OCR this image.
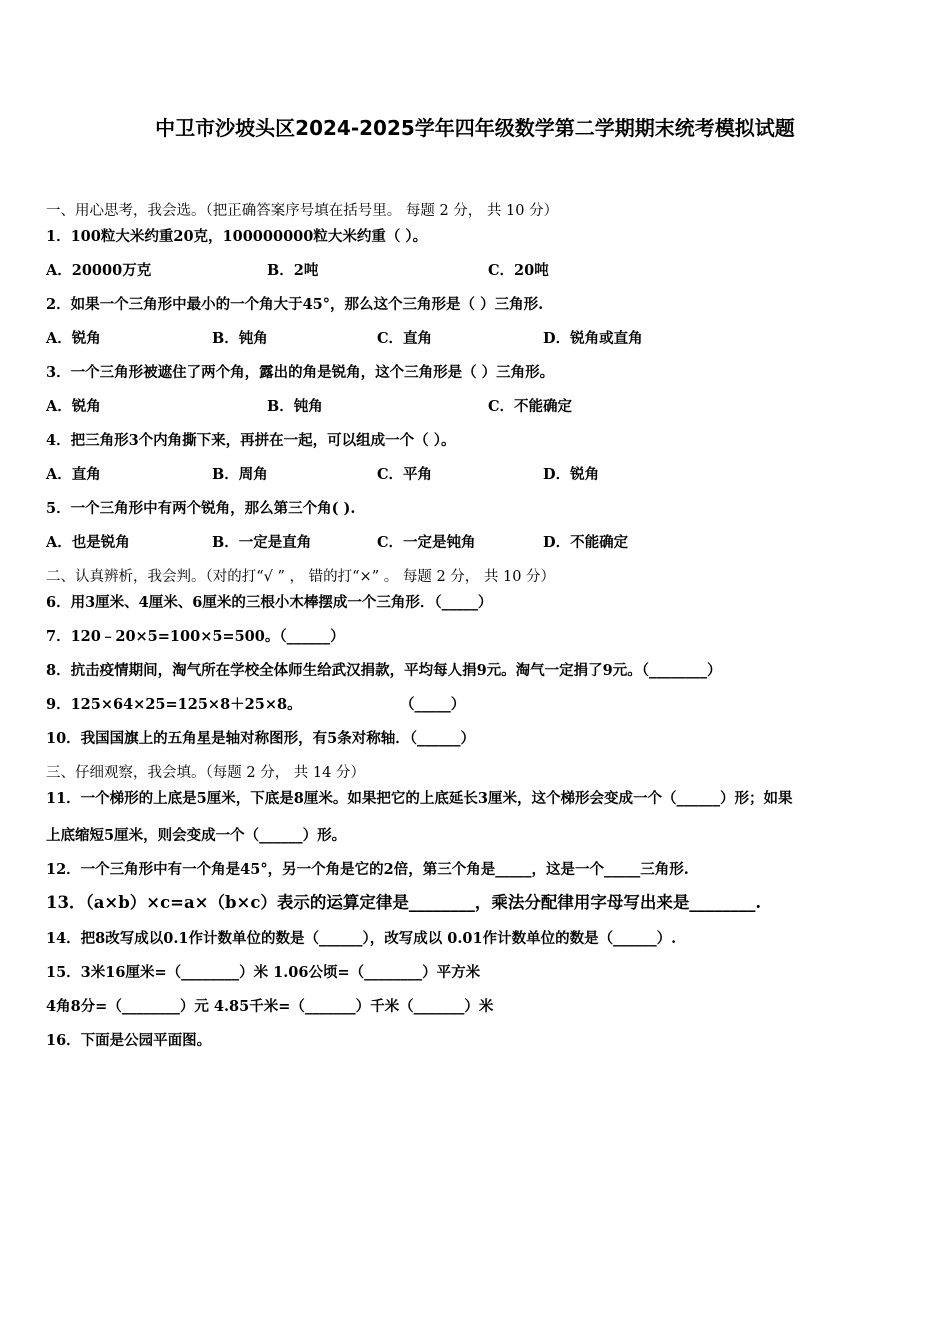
中卫市沙坡头区2024-2025学年四年级数学第二学期期末统考模拟试题
一、用心思考，我会选。（把正确答案序号填在括号里。 每题 2 分， 共 10 分）
1．100粒大米约重20克，100000000粒大米约重（ ）。
A．20000万克	B．2吨	C．20吨
2．如果一个三角形中最小的一个角大于45°，那么这个三角形是（ ）三角形.
A．锐角	B．钝角	C．直角	D．锐角或直角
3．一个三角形被遮住了两个角，露出的角是锐角，这个三角形是（ ）三角形。
A．锐角	B．钝角	C．不能确定
4．把三角形3个内角撕下来，再拼在一起，可以组成一个（ ）。
A．直角	B．周角	C．平角	D．锐角
5．一个三角形中有两个锐角，那么第三个角( ).
A．也是锐角	B．一定是直角	C．一定是钝角	D．不能确定
二、认真辨析，我会判。（对的打“√ ” ， 错的打“×” 。 每题 2 分， 共 10 分）
6．用3厘米、4厘米、6厘米的三根小木棒摆成一个三角形．（_____）
7．120﹣20×5=100×5=500。（______）
8．抗击疫情期间，淘气所在学校全体师生给武汉捐款，平均每人捐9元。淘气一定捐了9元。（________）
9．125×64×25=125×8＋25×8。	（_____）
10．我国国旗上的五角星是轴对称图形，有5条对称轴．（______）
三、仔细观察，我会填。（每题 2 分， 共 14 分）
11．一个梯形的上底是5厘米，下底是8厘米。如果把它的上底延长3厘米，这个梯形会变成一个（______）形；如果
上底缩短5厘米，则会变成一个（______）形。
12．一个三角形中有一个角是45°，另一个角是它的2倍，第三个角是_____，这是一个_____三角形.
13．（a×b）×c=a×（b×c）表示的运算定律是________，乘法分配律用字母写出来是________.
14．把8改写成以0.1作计数单位的数是（______），改写成以 0.01作计数单位的数是（______）.
15．3米16厘米=（________）米 1.06公顷=（________）平方米
4角8分=（________）元 4.85千米=（_______）千米（_______）米
16．下面是公园平面图。
